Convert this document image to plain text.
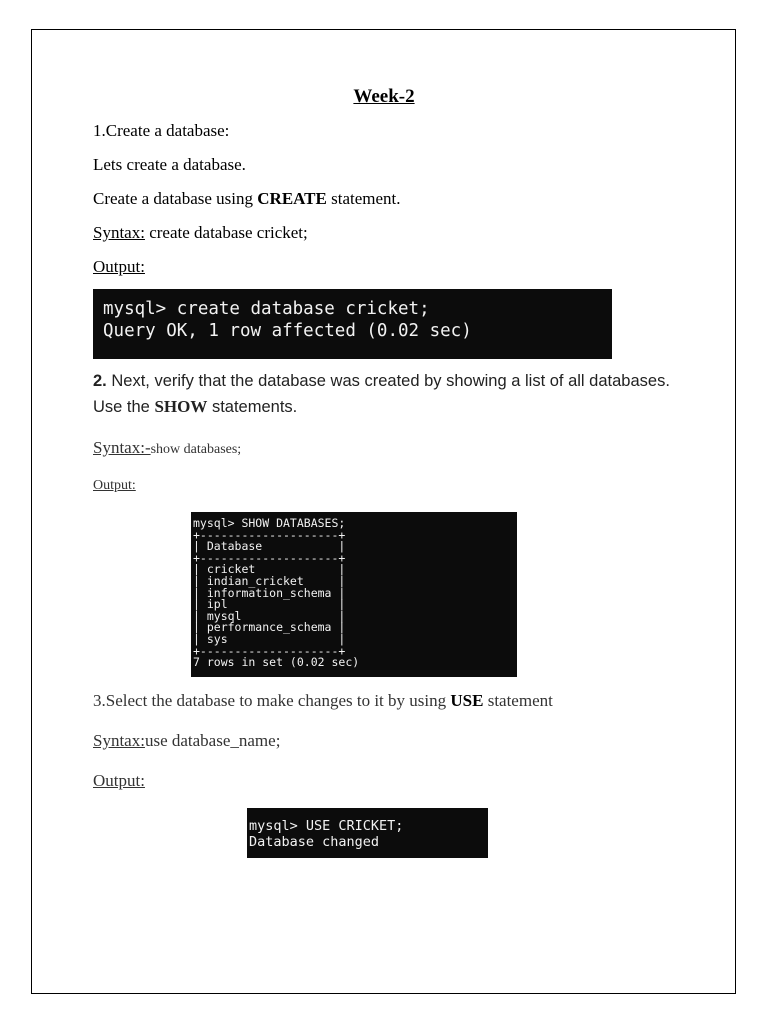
Week-2

1.Create a database:

Lets create a database.

Create a database using CREATE statement.

Syntax: create database cricket;

Output:

mysql> create database cricket;
Query OK, 1 row affected (0.02 sec)

2. Next, verify that the database was created by showing a list of all databases. Use the SHOW statements.

Syntax:-show databases;

Output:

mysql> SHOW DATABASES;
+--------------------+
| Database           |
+--------------------+
| cricket            |
| indian_cricket     |
| information_schema |
| ipl                |
| mysql              |
| performance_schema |
| sys                |
+--------------------+
7 rows in set (0.02 sec)

3.Select the database to make changes to it by using USE statement

Syntax:use database_name;

Output:

mysql> USE CRICKET;
Database changed
